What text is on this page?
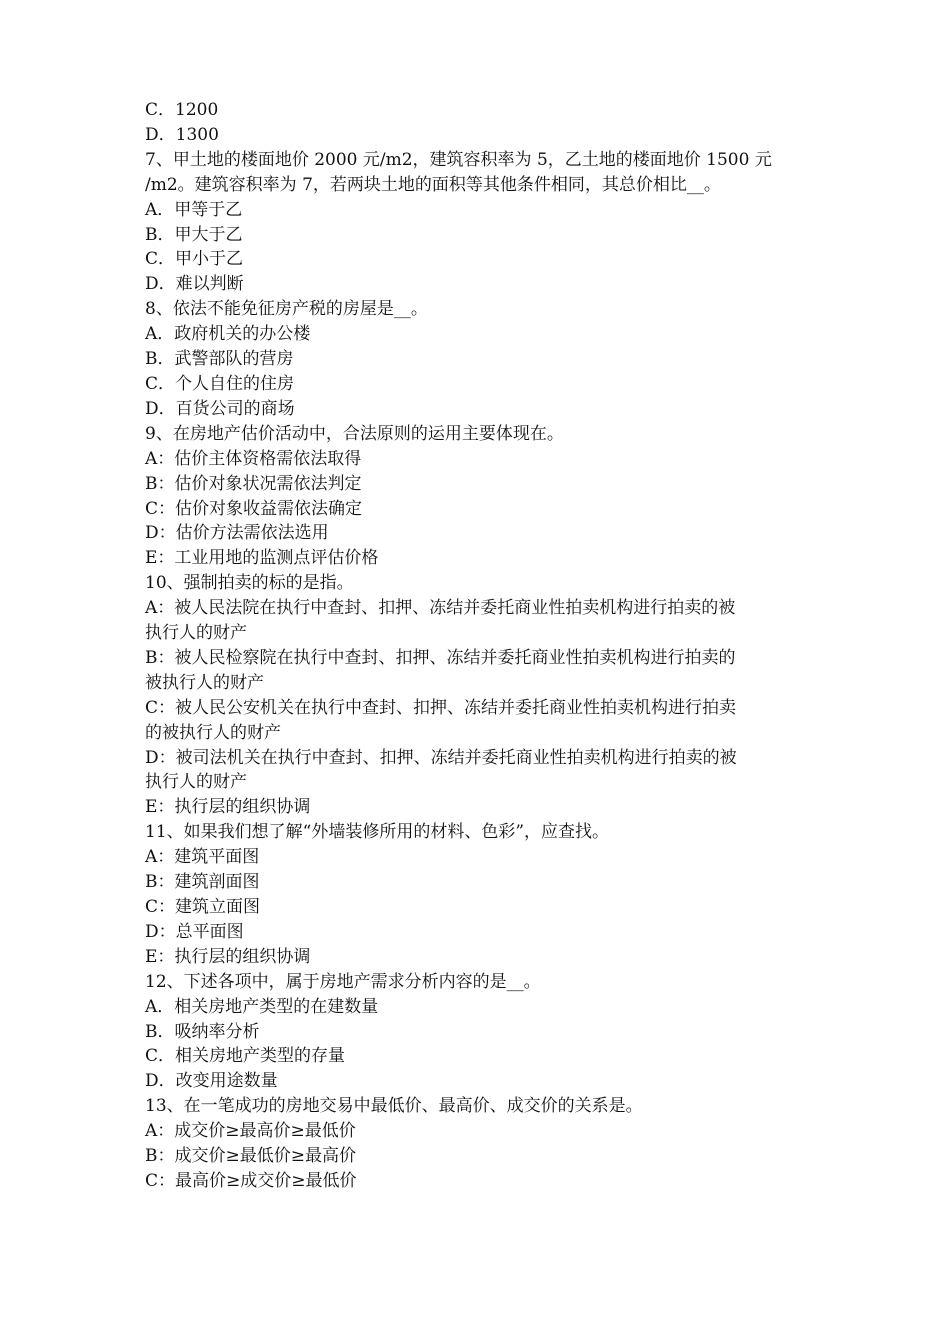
C．1200
D．1300
7、甲土地的楼面地价 2000 元/m2，建筑容积率为 5，乙土地的楼面地价 1500 元
/m2。建筑容积率为 7，若两块土地的面积等其他条件相同，其总价相比__。
A．甲等于乙
B．甲大于乙
C．甲小于乙
D．难以判断
8、依法不能免征房产税的房屋是__。
A．政府机关的办公楼
B．武警部队的营房
C．个人自住的住房
D．百货公司的商场
9、在房地产估价活动中，合法原则的运用主要体现在。
A：估价主体资格需依法取得
B：估价对象状况需依法判定
C：估价对象收益需依法确定
D：估价方法需依法选用
E：工业用地的监测点评估价格
10、强制拍卖的标的是指。
A：被人民法院在执行中查封、扣押、冻结并委托商业性拍卖机构进行拍卖的被
执行人的财产
B：被人民检察院在执行中查封、扣押、冻结并委托商业性拍卖机构进行拍卖的
被执行人的财产
C：被人民公安机关在执行中查封、扣押、冻结并委托商业性拍卖机构进行拍卖
的被执行人的财产
D：被司法机关在执行中查封、扣押、冻结并委托商业性拍卖机构进行拍卖的被
执行人的财产
E：执行层的组织协调
11、如果我们想了解“外墙装修所用的材料、色彩”，应查找。
A：建筑平面图
B：建筑剖面图
C：建筑立面图
D：总平面图
E：执行层的组织协调
12、下述各项中，属于房地产需求分析内容的是__。
A．相关房地产类型的在建数量
B．吸纳率分析
C．相关房地产类型的存量
D．改变用途数量
13、在一笔成功的房地交易中最低价、最高价、成交价的关系是。
A：成交价≥最高价≥最低价
B：成交价≥最低价≥最高价
C：最高价≥成交价≥最低价
